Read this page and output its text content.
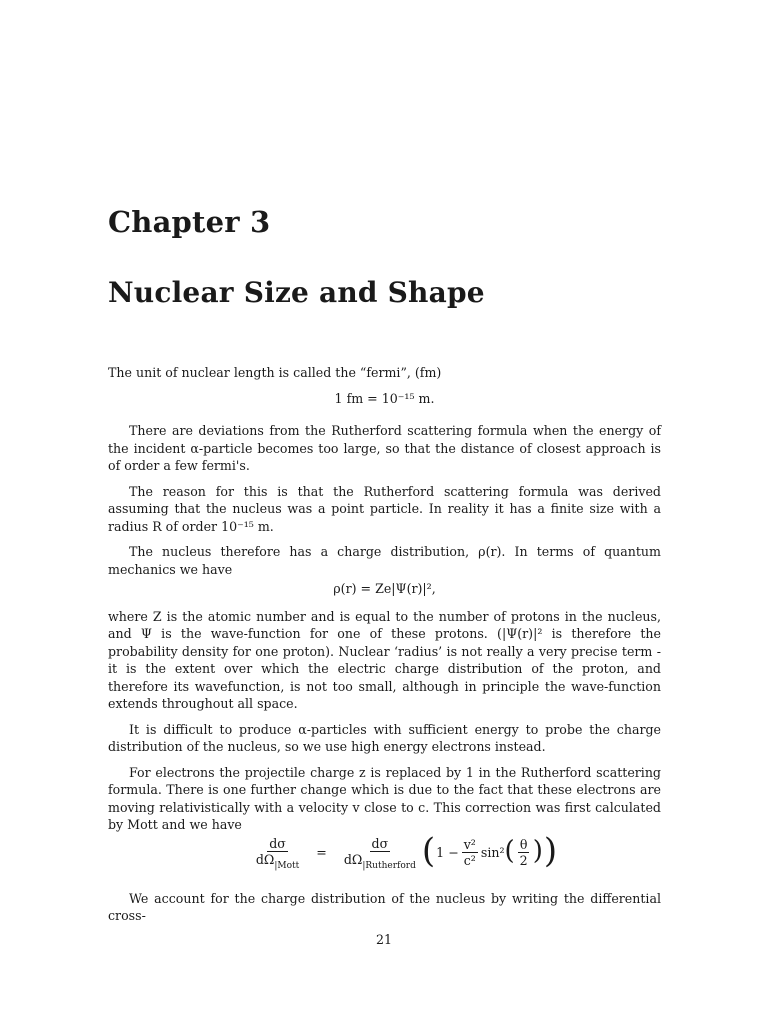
Chapter 3
Nuclear Size and Shape

The unit of nuclear length is called the “fermi”, (fm)

1 fm = 10⁻¹⁵ m.

There are deviations from the Rutherford scattering formula when the energy of the incident α-particle becomes too large, so that the distance of closest approach is of order a few fermi's.

The reason for this is that the Rutherford scattering formula was derived assuming that the nucleus was a point particle. In reality it has a finite size with a radius R of order 10⁻¹⁵ m.

The nucleus therefore has a charge distribution, ρ(r). In terms of quantum mechanics we have

ρ(r) = Ze|Ψ(r)|²,

where Z is the atomic number and is equal to the number of protons in the nucleus, and Ψ is the wave-function for one of these protons. (|Ψ(r)|² is therefore the probability density for one proton). Nuclear ‘radius’ is not really a very precise term - it is the extent over which the electric charge distribution of the proton, and therefore its wavefunction, is not too small, although in principle the wave-function extends throughout all space.

It is difficult to produce α-particles with sufficient energy to probe the charge distribution of the nucleus, so we use high energy electrons instead.

For electrons the projectile charge z is replaced by 1 in the Rutherford scattering formula. There is one further change which is due to the fact that these electrons are moving relativistically with a velocity v close to c. This correction was first calculated by Mott and we have

$\frac{d\sigma}{d\Omega_{|Mott}} = \frac{d\sigma}{d\Omega_{|Rutherford}}$ ( $1 - \frac{\text{v²}}{\text{c²}} \sin^2$ ( $\frac{\theta}{2}$ ) )

We account for the charge distribution of the nucleus by writing the differential cross-

21
